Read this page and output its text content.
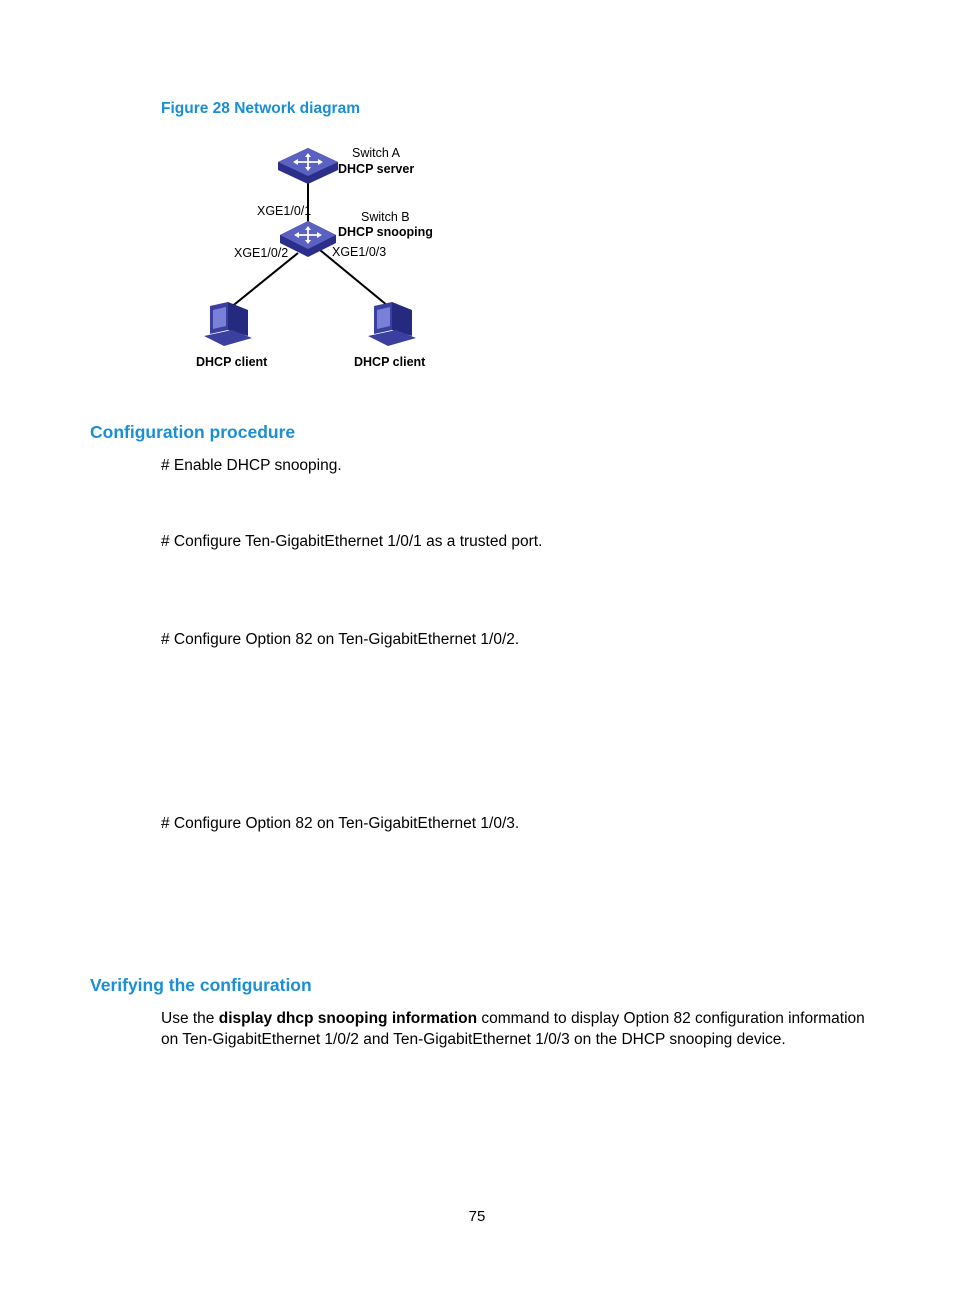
Figure 28 Network diagram

Switch A
DHCP server
XGE1/0/1	Switch B
DHCP snooping
XGE1/0/2	XGE1/0/3
DHCP client	DHCP client
Configuration procedure

# Enable DHCP snooping.

# Configure Ten-GigabitEthernet 1/0/1 as a trusted port.

# Configure Option 82 on Ten-GigabitEthernet 1/0/2.

# Configure Option 82 on Ten-GigabitEthernet 1/0/3.

Verifying the configuration

Use the display dhcp snooping information command to display Option 82 configuration information on Ten-GigabitEthernet 1/0/2 and Ten-GigabitEthernet 1/0/3 on the DHCP snooping device.

75
